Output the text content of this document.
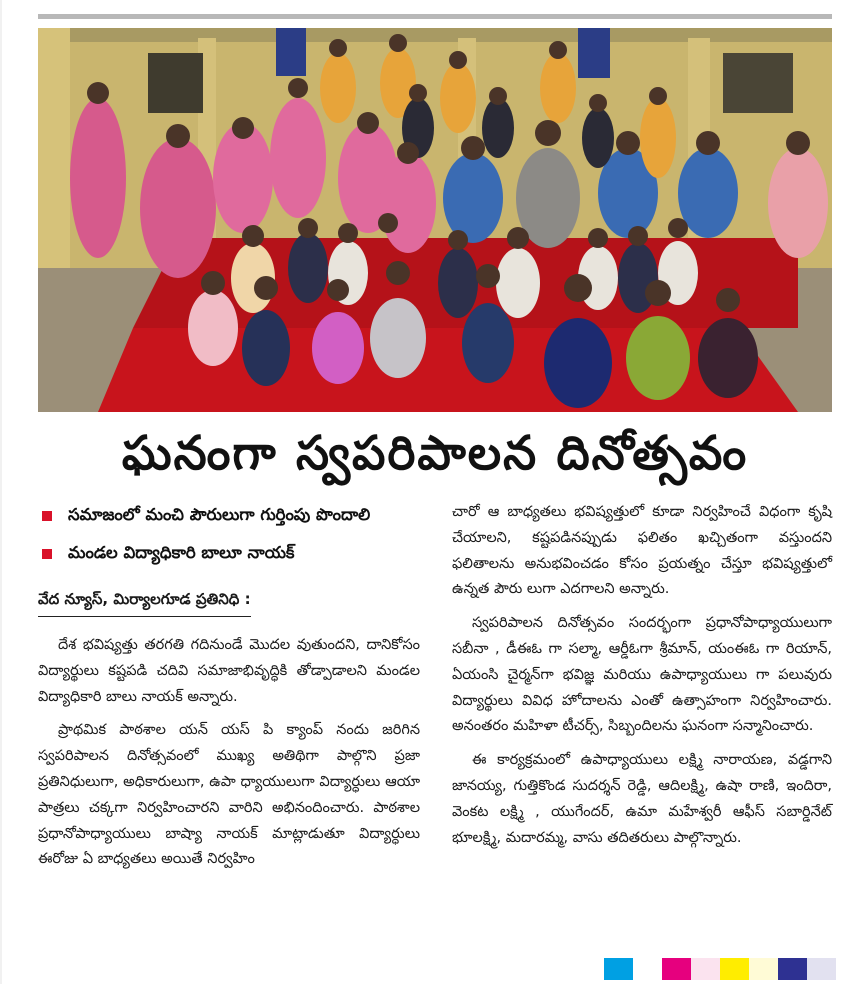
ఘనంగా స్వపరిపాలన దినోత్సవం
సమాజంలో మంచి పౌరులుగా గుర్తింపు పొందాలి
మండల విద్యాధికారి బాలూ నాయక్
వేద న్యూస్, మిర్యాలగూడ ప్రతినిధి :

దేశ భవిష్యత్తు తరగతి గదినుండే మొదల వుతుందని, దానికోసం విద్యార్థులు కష్టపడి చదివి సమాజాభివృద్ధికి తోడ్పాడాలని మండల విద్యాధికారి బాలు నాయక్ అన్నారు.

ప్రాథమిక పాఠశాల యన్ యస్ పి క్యాంప్ నందు జరిగిన స్వపరిపాలన దినోత్సవంలో ముఖ్య అతిథిగా పాల్గొని ప్రజా ప్రతినిధులుగా, అధికారులుగా, ఉపా ధ్యాయులుగా విద్యార్ధులు ఆయా పాత్రలు చక్కగా నిర్వహించారని వారిని అభినందించారు. పాఠశాల ప్రధానోపాధ్యాయులు బాష్యా నాయక్ మాట్లాడుతూ విద్యార్ధులు ఈరోజు ఏ బాధ్యతలు అయితే నిర్వహిం

చారో ఆ బాధ్యతలు భవిష్యత్తులో కూడా నిర్వహించే విధంగా కృషి చేయాలని, కష్టపడినప్పుడు ఫలితం ఖచ్చితంగా వస్తుందని ఫలితాలను అనుభవించడం కోసం ప్రయత్నం చేస్తూ భవిష్యత్తులో ఉన్నత పౌరు లుగా ఎదగాలని అన్నారు.

స్వపరిపాలన దినోత్సవం సందర్భంగా ప్రధానోపాధ్యాయులుగా సబీనా , డీఈఓ గా సల్మా, ఆర్డీఓగా శ్రీమాన్, యంఈఓ గా రియాన్, ఏయంసి చైర్మన్‌గా భవిజ్ఞ మరియు ఉపాధ్యాయులు గా పలువురు విద్యార్థులు వివిధ హోదాలను ఎంతో ఉత్సాహంగా నిర్వహించారు. అనంతరం మహిళా టీచర్స్, సిబ్బందిలను ఘనంగా సన్మానించారు.

ఈ కార్యక్రమంలో ఉపాధ్యాయులు లక్ష్మి నారాయణ, వడ్డగాని జానయ్య, గుత్తికొండ సుదర్శన్ రెడ్డి, ఆదిలక్ష్మి, ఉషా రాణి, ఇందిరా, వెంకట లక్ష్మి , యుగేందర్, ఉమా మహేశ్వరీ ఆఫీస్ సబార్డినేట్ భూలక్ష్మి, మదారమ్మ, వాసు తదితరులు పాల్గొన్నారు.
